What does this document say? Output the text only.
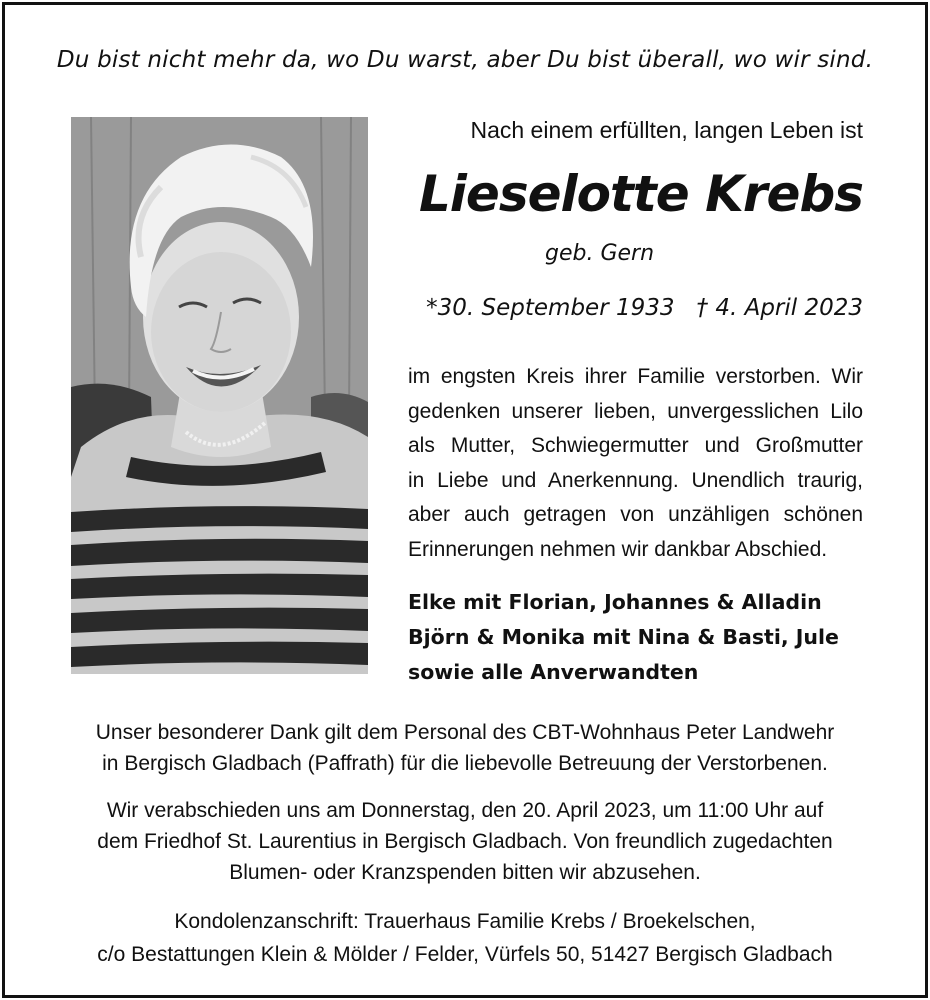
Du bist nicht mehr da, wo Du warst, aber Du bist überall, wo wir sind.
Nach einem erfüllten, langen Leben ist
Lieselotte Krebs
geb. Gern
*30. September 1933 † 4. April 2023
im engsten Kreis ihrer Familie verstorben. Wir
gedenken unserer lieben, unvergesslichen Lilo
als Mutter, Schwiegermutter und Großmutter
in Liebe und Anerkennung. Unendlich traurig,
aber auch getragen von unzähligen schönen
Erinnerungen nehmen wir dankbar Abschied.
Elke mit Florian, Johannes & Alladin
Björn & Monika mit Nina & Basti, Jule
sowie alle Anverwandten
Unser besonderer Dank gilt dem Personal des CBT-Wohnhaus Peter Landwehr
in Bergisch Gladbach (Paffrath) für die liebevolle Betreuung der Verstorbenen.
Wir verabschieden uns am Donnerstag, den 20. April 2023, um 11:00 Uhr auf
dem Friedhof St. Laurentius in Bergisch Gladbach. Von freundlich zugedachten
Blumen- oder Kranzspenden bitten wir abzusehen.
Kondolenzanschrift: Trauerhaus Familie Krebs / Broekelschen,
c/o Bestattungen Klein & Mölder / Felder, Vürfels 50, 51427 Bergisch Gladbach
